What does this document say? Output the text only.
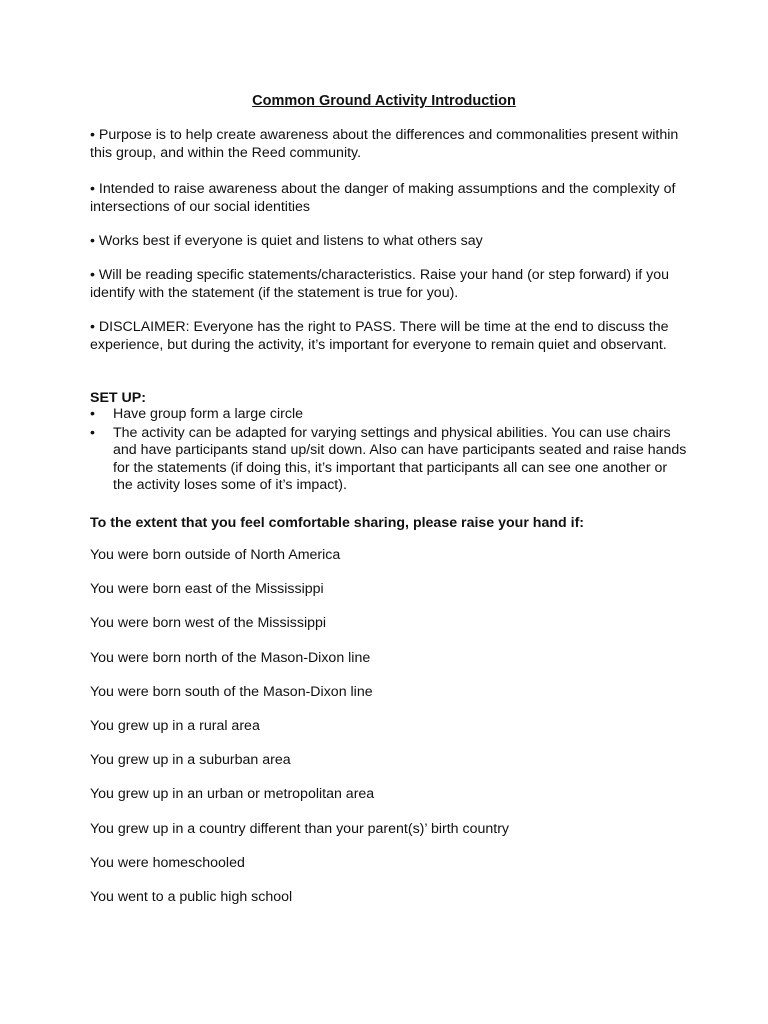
Common Ground Activity Introduction
• Purpose is to help create awareness about the differences and commonalities present within this group, and within the Reed community.
• Intended to raise awareness about the danger of making assumptions and the complexity of intersections of our social identities
• Works best if everyone is quiet and listens to what others say
• Will be reading specific statements/characteristics. Raise your hand (or step forward) if you identify with the statement (if the statement is true for you).
• DISCLAIMER: Everyone has the right to PASS. There will be time at the end to discuss the experience, but during the activity, it’s important for everyone to remain quiet and observant.
SET UP:
• Have group form a large circle
• The activity can be adapted for varying settings and physical abilities. You can use chairs and have participants stand up/sit down. Also can have participants seated and raise hands for the statements (if doing this, it’s important that participants all can see one another or the activity loses some of it’s impact).
To the extent that you feel comfortable sharing, please raise your hand if:
You were born outside of North America
You were born east of the Mississippi
You were born west of the Mississippi
You were born north of the Mason-Dixon line
You were born south of the Mason-Dixon line
You grew up in a rural area
You grew up in a suburban area
You grew up in an urban or metropolitan area
You grew up in a country different than your parent(s)’ birth country
You were homeschooled
You went to a public high school
